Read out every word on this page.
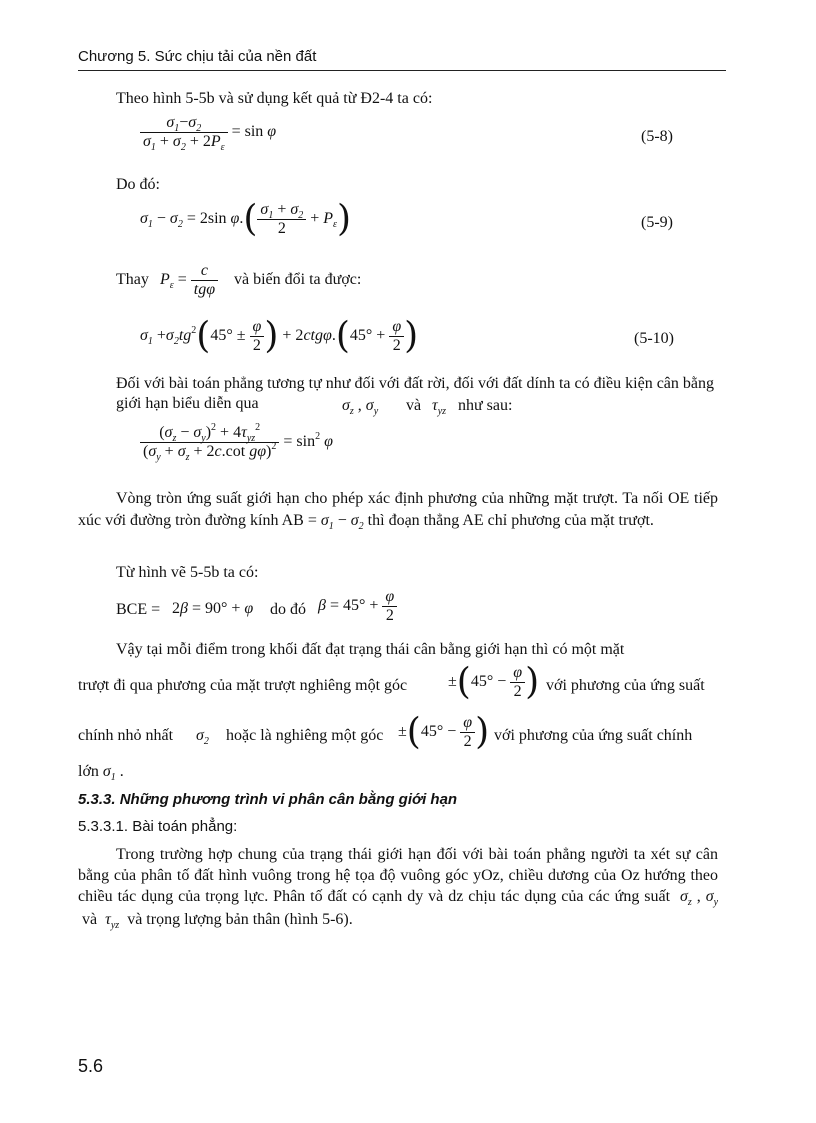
Chương 5. Sức chịu tải của nền đất
Theo hình 5-5b và sử dụng kết quả từ Đ2-4 ta có:
$\frac{\sigma_1-\sigma_2}{\sigma_1 + \sigma_2 + 2P_\varepsilon} = \sin \varphi$	(5-8)
Do đó:
$\sigma_1 - \sigma_2 = 2\sin$ $\varphi.( \frac{\sigma_1 + \sigma_2}{2} + P_\varepsilon)$	(5-9)
Thay $P_\varepsilon = \frac{c}{\text{tgφ}}$ và biến đổi ta được:
$\sigma_1 +\sigma_2tg^2(45^\circ \pm \frac{\varphi}{2}$ ) + $2ctg\varphi.(45^\circ + \frac{\varphi}{2}$ )	(5-10)
Đối với bài toán phẳng tương tự như đối với đất rời, đối với đất dính ta có điều kiện cân bằng giới hạn biểu diễn qua	$\sigma_z$ , $\sigma_y$ và $\tau_{yz}$ như sau:
$\frac{(\sigma_z - \sigma_y)^2 + 4\tau_{yz}^2}{(\sigma_y + \sigma_z + 2c.\cot g\varphi)^2} = \sin^2 \varphi$
Vòng tròn ứng suất giới hạn cho phép xác định phương của những mặt trượt. Ta nối OE tiếp xúc với đường tròn đường kính AB = $\sigma_1 - \sigma_2$ thì đoạn thẳng AE chỉ phương của mặt trượt.
Từ hình vẽ 5-5b ta có:
BCE = 2β = 90° + φ do đó $\beta = 45^\circ + \frac{\varphi}{2}$
Vậy tại mỗi điểm trong khối đất đạt trạng thái cân bằng giới hạn thì có một mặt
trượt đi qua phương của mặt trượt nghiêng một góc	$\pm(45^\circ - \frac{\varphi}{2}$ ) với phương của ứng suất
chính nhỏ nhất $\sigma_2$ hoặc là nghiêng một góc $\pm(45^\circ - \frac{\varphi}{2}$ ) với phương của ứng suất chính
lớn $\sigma_1$ .
5.3.3. Những phương trình vi phân cân bằng giới hạn
5.3.3.1. Bài toán phẳng:
Trong trường hợp chung của trạng thái giới hạn đối với bài toán phẳng người ta xét sự cân bằng của phân tố đất hình vuông trong hệ tọa độ vuông góc yOz, chiều dương của Oz hướng theo chiều tác dụng của trọng lực. Phân tố đất có cạnh dy và dz chịu tác dụng của các ứng suất $\sigma_z$ , $\sigma_y$  và $\tau_{yz}$ và trọng lượng bản thân (hình 5-6).
5.6
